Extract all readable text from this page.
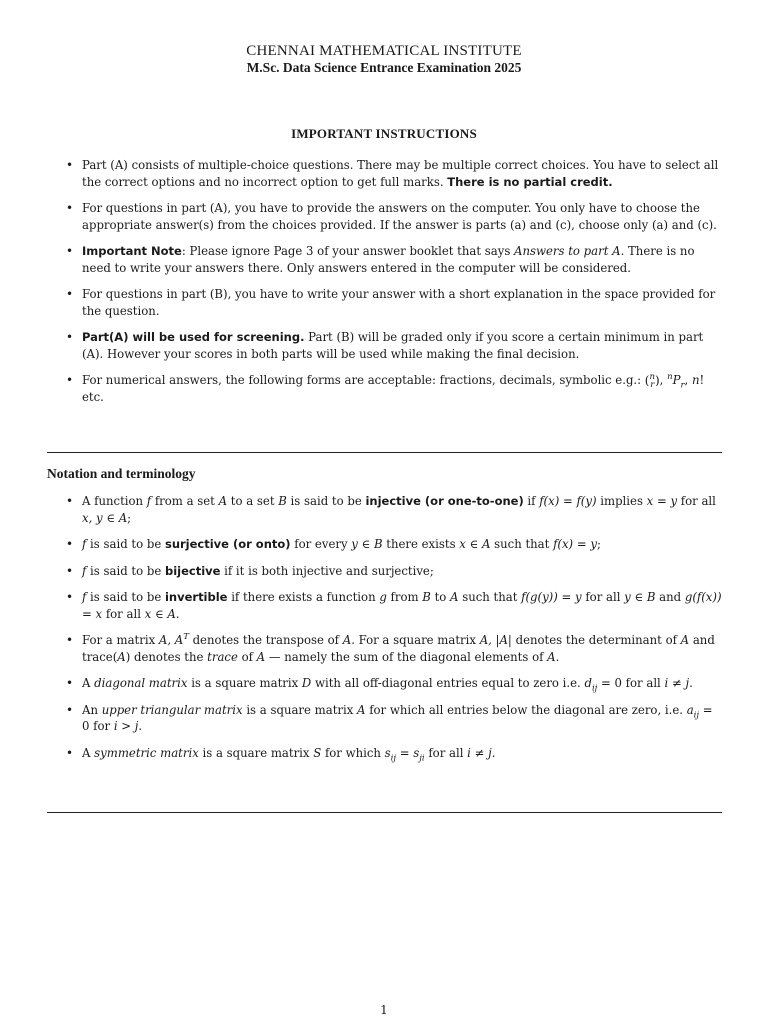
CHENNAI MATHEMATICAL INSTITUTE
M.Sc. Data Science Entrance Examination 2025
IMPORTANT INSTRUCTIONS
• Part (A) consists of multiple-choice questions. There may be multiple correct choices. You have to select all the correct options and no incorrect option to get full marks. There is no partial credit.
• For questions in part (A), you have to provide the answers on the computer. You only have to choose the appropriate answer(s) from the choices provided. If the answer is parts (a) and (c), choose only (a) and (c).
• Important Note: Please ignore Page 3 of your answer booklet that says Answers to part A. There is no need to write your answers there. Only answers entered in the computer will be considered.
• For questions in part (B), you have to write your answer with a short explanation in the space provided for the question.
• Part(A) will be used for screening. Part (B) will be graded only if you score a certain minimum in part (A). However your scores in both parts will be used while making the final decision.
• For numerical answers, the following forms are acceptable: fractions, decimals, symbolic e.g.: (n
r), $^nP_r$, n! etc.
Notation and terminology
• A function f from a set A to a set B is said to be injective (or one-to-one) if f(x) = f(y) implies x = y for all x, y ∈ A;
• f is said to be surjective (or onto) for every y ∈ B there exists x ∈ A such that f(x) = y;
• f is said to be bijective if it is both injective and surjective;
• f is said to be invertible if there exists a function g from B to A such that f(g(y)) = y for all y ∈ B and g(f(x)) = x for all x ∈ A.
• For a matrix A, $A^T$ denotes the transpose of A. For a square matrix A, |A| denotes the determinant of A and trace(A) denotes the trace of A — namely the sum of the diagonal elements of A.
• A diagonal matrix is a square matrix D with all off-diagonal entries equal to zero i.e. $d_{ij} = 0$ for all i ≠ j.
• An upper triangular matrix is a square matrix A for which all entries below the diagonal are zero, i.e. $a_{ij} = 0$ for i > j.
• A symmetric matrix is a square matrix S for which $s_{ij} = s_{ji}$ for all i ≠ j.
1
